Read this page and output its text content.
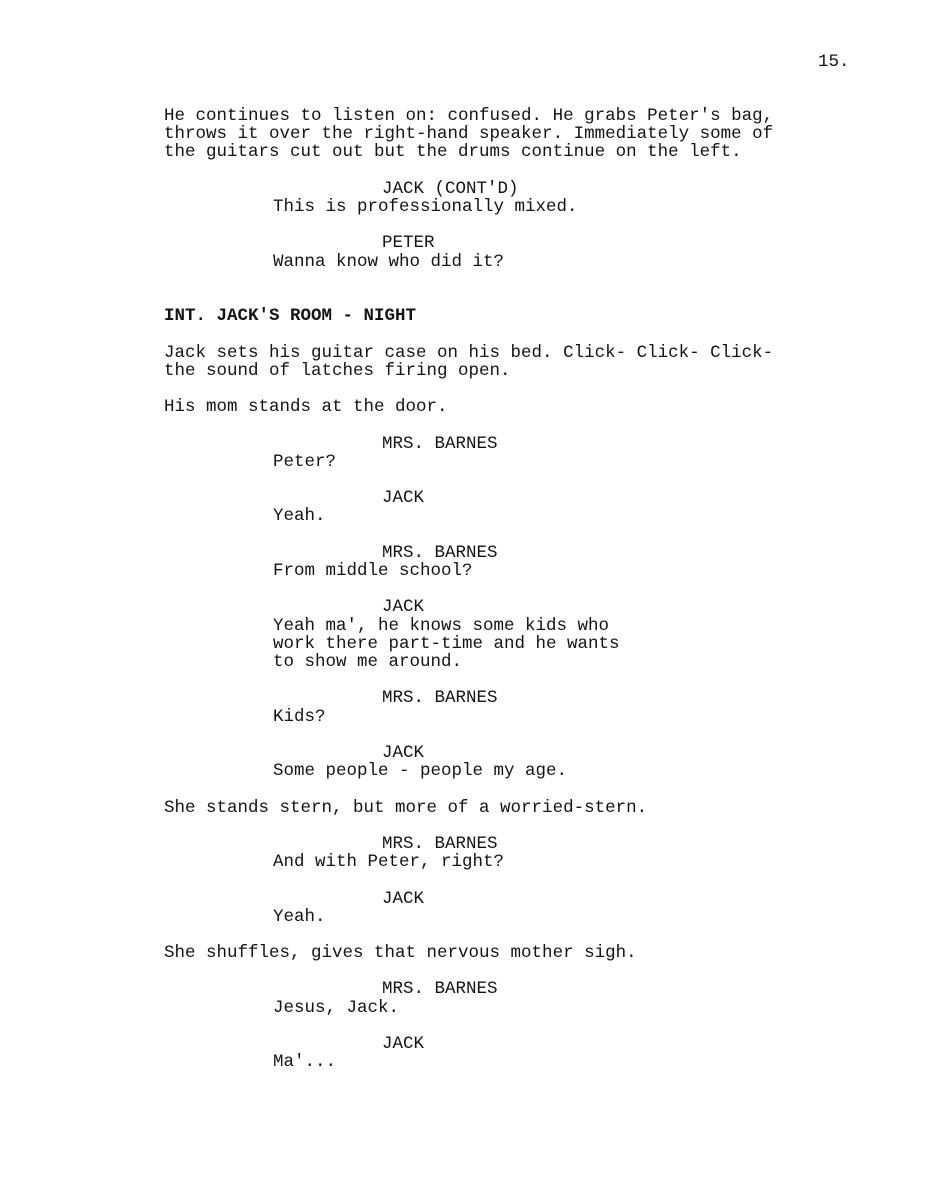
15.
He continues to listen on: confused. He grabs Peter's bag,
throws it over the right-hand speaker. Immediately some of
the guitars cut out but the drums continue on the left.
JACK (CONT'D)
This is professionally mixed.
PETER
Wanna know who did it?
INT. JACK'S ROOM - NIGHT
Jack sets his guitar case on his bed. Click- Click- Click-
the sound of latches firing open.
His mom stands at the door.
MRS. BARNES
Peter?
JACK
Yeah.
MRS. BARNES
From middle school?
JACK
Yeah ma', he knows some kids who
work there part-time and he wants
to show me around.
MRS. BARNES
Kids?
JACK
Some people - people my age.
She stands stern, but more of a worried-stern.
MRS. BARNES
And with Peter, right?
JACK
Yeah.
She shuffles, gives that nervous mother sigh.
MRS. BARNES
Jesus, Jack.
JACK
Ma'...
